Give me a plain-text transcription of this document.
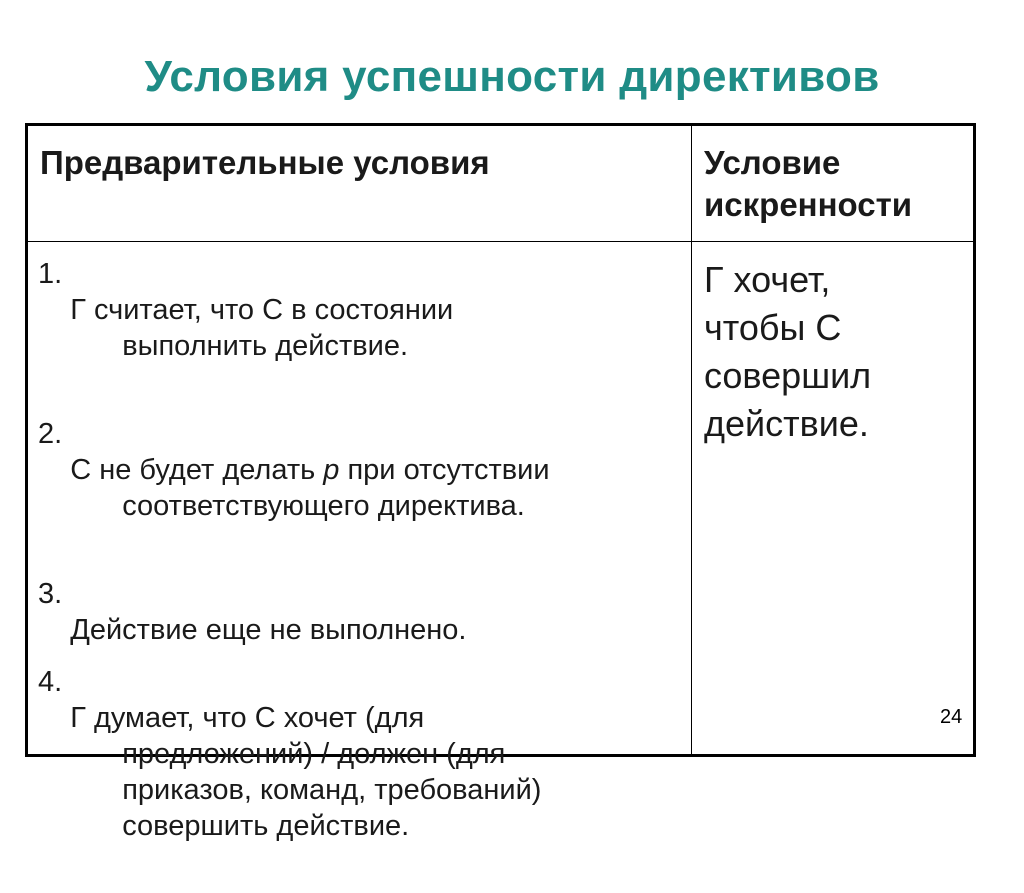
Условия успешности директивов
Предварительные условия	Условие
искренности
1.

Г считает, что С в состоянии

выполнить действие.

2.

С не будет делать p при отсутствии

соответствующего директива.

3.

Действие еще не выполнено.

4.

Г думает, что С хочет (для

предложений) / должен (для
приказов, команд, требований)
совершить действие.

Г хочет,
чтобы С
совершил
действие.
24
